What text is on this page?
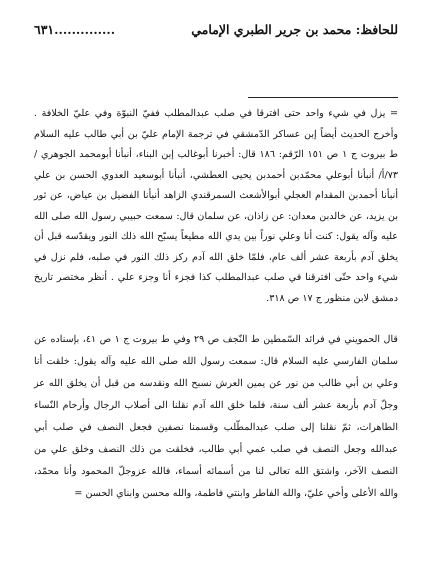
للحافظ: محمد بن جرير الطبري الإمامي
٦٣١..............

= يزل في شيء واحد حتى افترقا في صلب عبدالمطلب ففيّ النبوّة وفي عليّ الخلافة . وأخرج الحديث أيضاً إبن عساكر الدّمشقي في ترجمة الإمام عليّ بن أبي طالب عليه السلام ط بيروت ج ١ ص ١٥١ الرّقم: ١٨٦ قال: أخبرنا أبوغالب إبن البناء، أنبأنا أبومحمد الجوهري /٧٣/أ/ أنبأنا أبوعلي محمّدبن أحمدبن يحيى العطشي، أنبأنا أبوسعيد العدوي الحسن بن علي أنبأنا أحمدبن المقدام العجلي أبوالأشعث السمرقندي الزاهد أنبأنا الفضيل بن عياض، عن ثور بن يزيد، عن خالدبن معدان: عن زاذان، عن سلمان قال: سمعت حبيبي رسول الله صلى الله عليه وآله يقول: كنت أنا وعلي نوراً بين يدي الله مطيعاً يسبّح الله ذلك النور ويقدّسه قبل أن يخلق آدم بأربعة عشر ألف عام، فلمّا خلق الله آدم ركز ذلك النور في صلبه، فلم نزل في شيء واحد حتّى افترقنا في صلب عبدالمطلب كذا فجزء أنا وجزء علي . أنظر مختصر تاريخ دمشق لابن منظور ج ١٧ ص ٣١٨.

قال الحمويني في فرائد السّمطين ط النّجف ص ٢٩ وفي ط بيروت ج ١ ص ٤١، بإسناده عن سلمان الفارسي عليه السلام قال: سمعت رسول الله صلى الله عليه وآله يقول: خلقت أنا وعلي بن أبي طالب من نور عن يمين العرش نسبح الله ونقدسه من قبل أن يخلق الله عز وجلّ آدم بأربعة عشر ألف سنة، فلما خلق الله آدم نقلنا الى أصلاب الرجال وأرحام النّساء الطاهرات، ثمّ نقلنا إلى صلب عبدالمطّلب وقسمنا نصفين فجعل النصف في صلب أبي عبدالله وجعل النصف في صلب عمي أبي طالب، فخلقت من ذلك النصف وخلق علي من النصف الآخر، واشتق الله تعالى لنا من أسمائه أسماء، فالله عزوجلّ المحمود وأنا محمّد، والله الأعلى وأخي عليّ، والله الفاطر وابنتي فاطمة، والله محسن وابناي الحسن =
